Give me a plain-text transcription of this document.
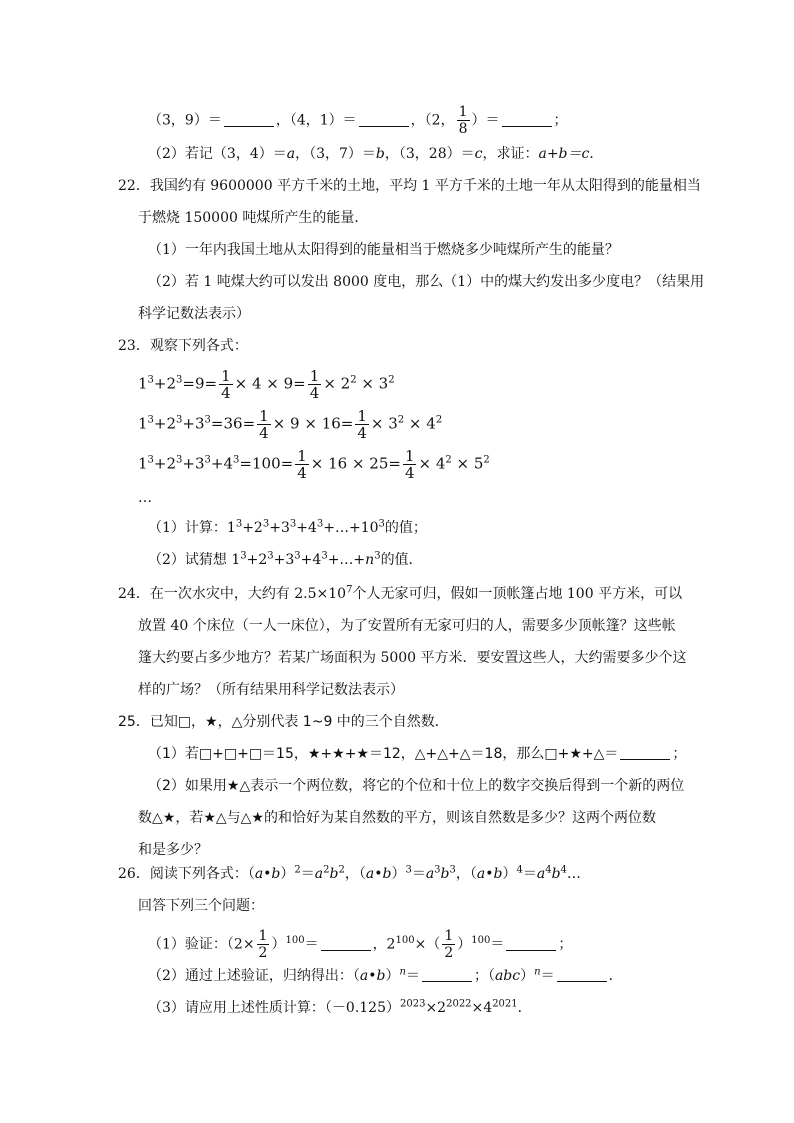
（3，9）＝	，（4，1）＝	，（2， $\frac{1}{8}$ ）＝	；
（2）若记（3，4）＝a，（3，7）＝b，（3，28）＝c，求证：a+b＝c．
22．我国约有 9600000 平方千米的土地，平均 1 平方千米的土地一年从太阳得到的能量相当
于燃烧 150000 吨煤所产生的能量．
（1）一年内我国土地从太阳得到的能量相当于燃烧多少吨煤所产生的能量？
（2）若 1 吨煤大约可以发出 8000 度电，那么（1）中的煤大约发出多少度电？（结果用
科学记数法表示）
23．观察下列各式：
$1^3+2^3=9= \frac{1}{4} \times 4 \times 9= \frac{1}{4} \times 2^2 \times 3^2$
$1^3+2^3+3^3=36= \frac{1}{4} \times 9 \times 16= \frac{1}{4} \times 3^2 \times 4^2$
$1^3+2^3+3^3+4^3=100= \frac{1}{4} \times 16 \times 25= \frac{1}{4} \times 4^2 \times 5^2$
…
（1）计算：$1^3+2^3+3^3+4^3+\dots+10^3$的值；
（2）试猜想 $1^3+2^3+3^3+4^3+\dots+n^3$的值．
24．在一次水灾中，大约有 $2.5\times 10^7$个人无家可归，假如一顶帐篷占地 100 平方米，可以
放置 40 个床位（一人一床位），为了安置所有无家可归的人，需要多少顶帐篷？这些帐
篷大约要占多少地方？若某广场面积为 5000 平方米．要安置这些人，大约需要多少个这
样的广场？（所有结果用科学记数法表示）
25．已知□，★，△分别代表 1~9 中的三个自然数．
（1）若□+□+□＝15，★+★+★＝12，△+△+△＝18，那么□+★+△＝	；
（2）如果用★△表示一个两位数，将它的个位和十位上的数字交换后得到一个新的两位
数△★，若★△与△★的和恰好为某自然数的平方，则该自然数是多少？这两个两位数
和是多少？
26．阅读下列各式：$(a•b)^2=a^2b^2$，$(a•b)^3=a^3b^3$，$(a•b)^4=a^4b^4\dots$
回答下列三个问题：
（1）验证：$(2\times \frac{1}{2} )^{100}=$	，$2^{100}\times( \frac{1}{2} )^{100}=$	；
（2）通过上述验证，归纳得出：（a•b）$^n$＝	；（abc）$^n$＝	．
（3）请应用上述性质计算：$(-0.125)^{2023}\times 2^{2022}\times 4^{2021}$．
